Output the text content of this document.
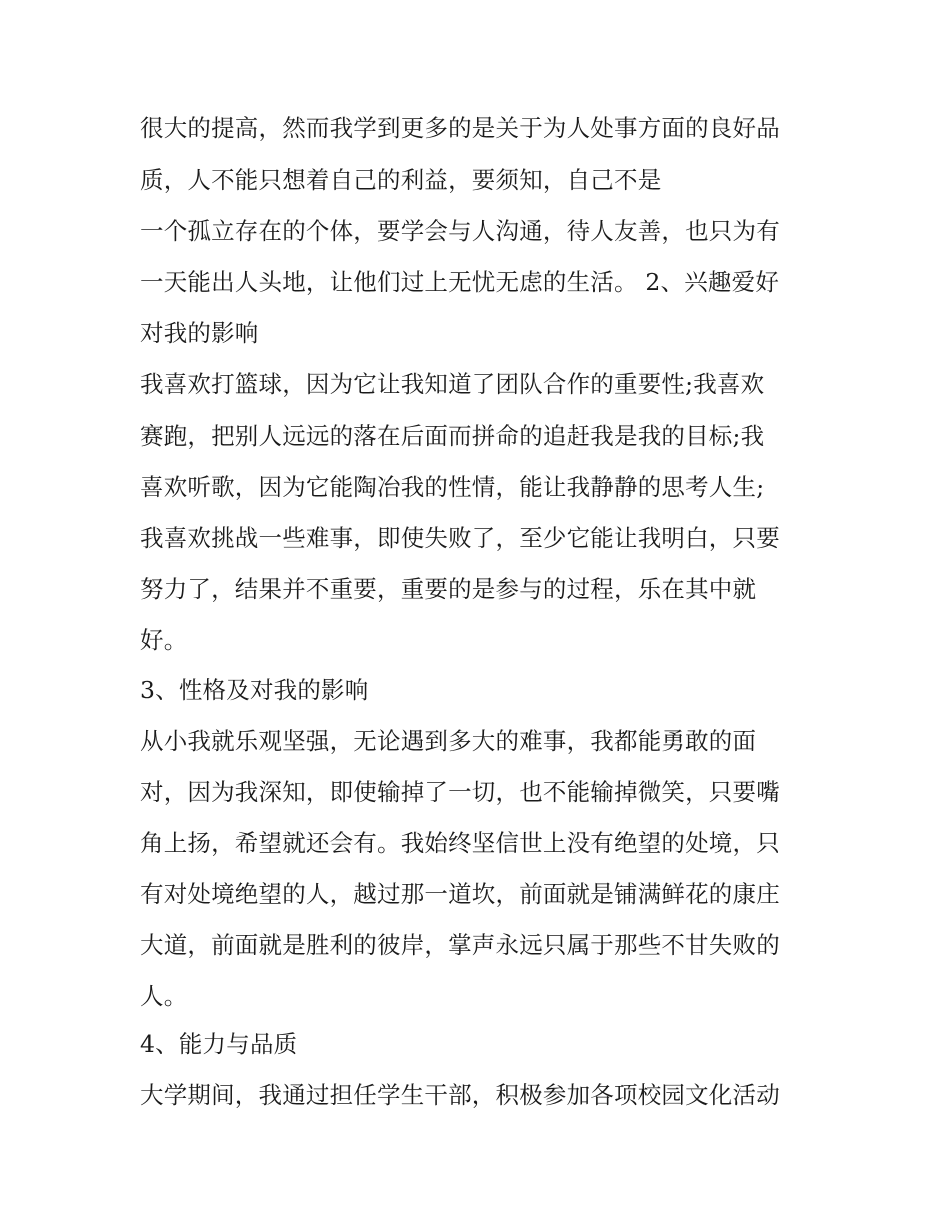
很大的提高，然而我学到更多的是关于为人处事方面的良好品

质，人不能只想着自己的利益，要须知，自己不是

一个孤立存在的个体，要学会与人沟通，待人友善，也只为有

一天能出人头地，让他们过上无忧无虑的生活。 2、兴趣爱好

对我的影响

我喜欢打篮球，因为它让我知道了团队合作的重要性;我喜欢

赛跑，把别人远远的落在后面而拼命的追赶我是我的目标;我

喜欢听歌，因为它能陶冶我的性情，能让我静静的思考人生;

我喜欢挑战一些难事，即使失败了，至少它能让我明白，只要

努力了，结果并不重要，重要的是参与的过程，乐在其中就

好。

3、性格及对我的影响

从小我就乐观坚强，无论遇到多大的难事，我都能勇敢的面

对，因为我深知，即使输掉了一切，也不能输掉微笑，只要嘴

角上扬，希望就还会有。我始终坚信世上没有绝望的处境，只

有对处境绝望的人，越过那一道坎，前面就是铺满鲜花的康庄

大道，前面就是胜利的彼岸，掌声永远只属于那些不甘失败的

人。

4、能力与品质

大学期间，我通过担任学生干部，积极参加各项校园文化活动
